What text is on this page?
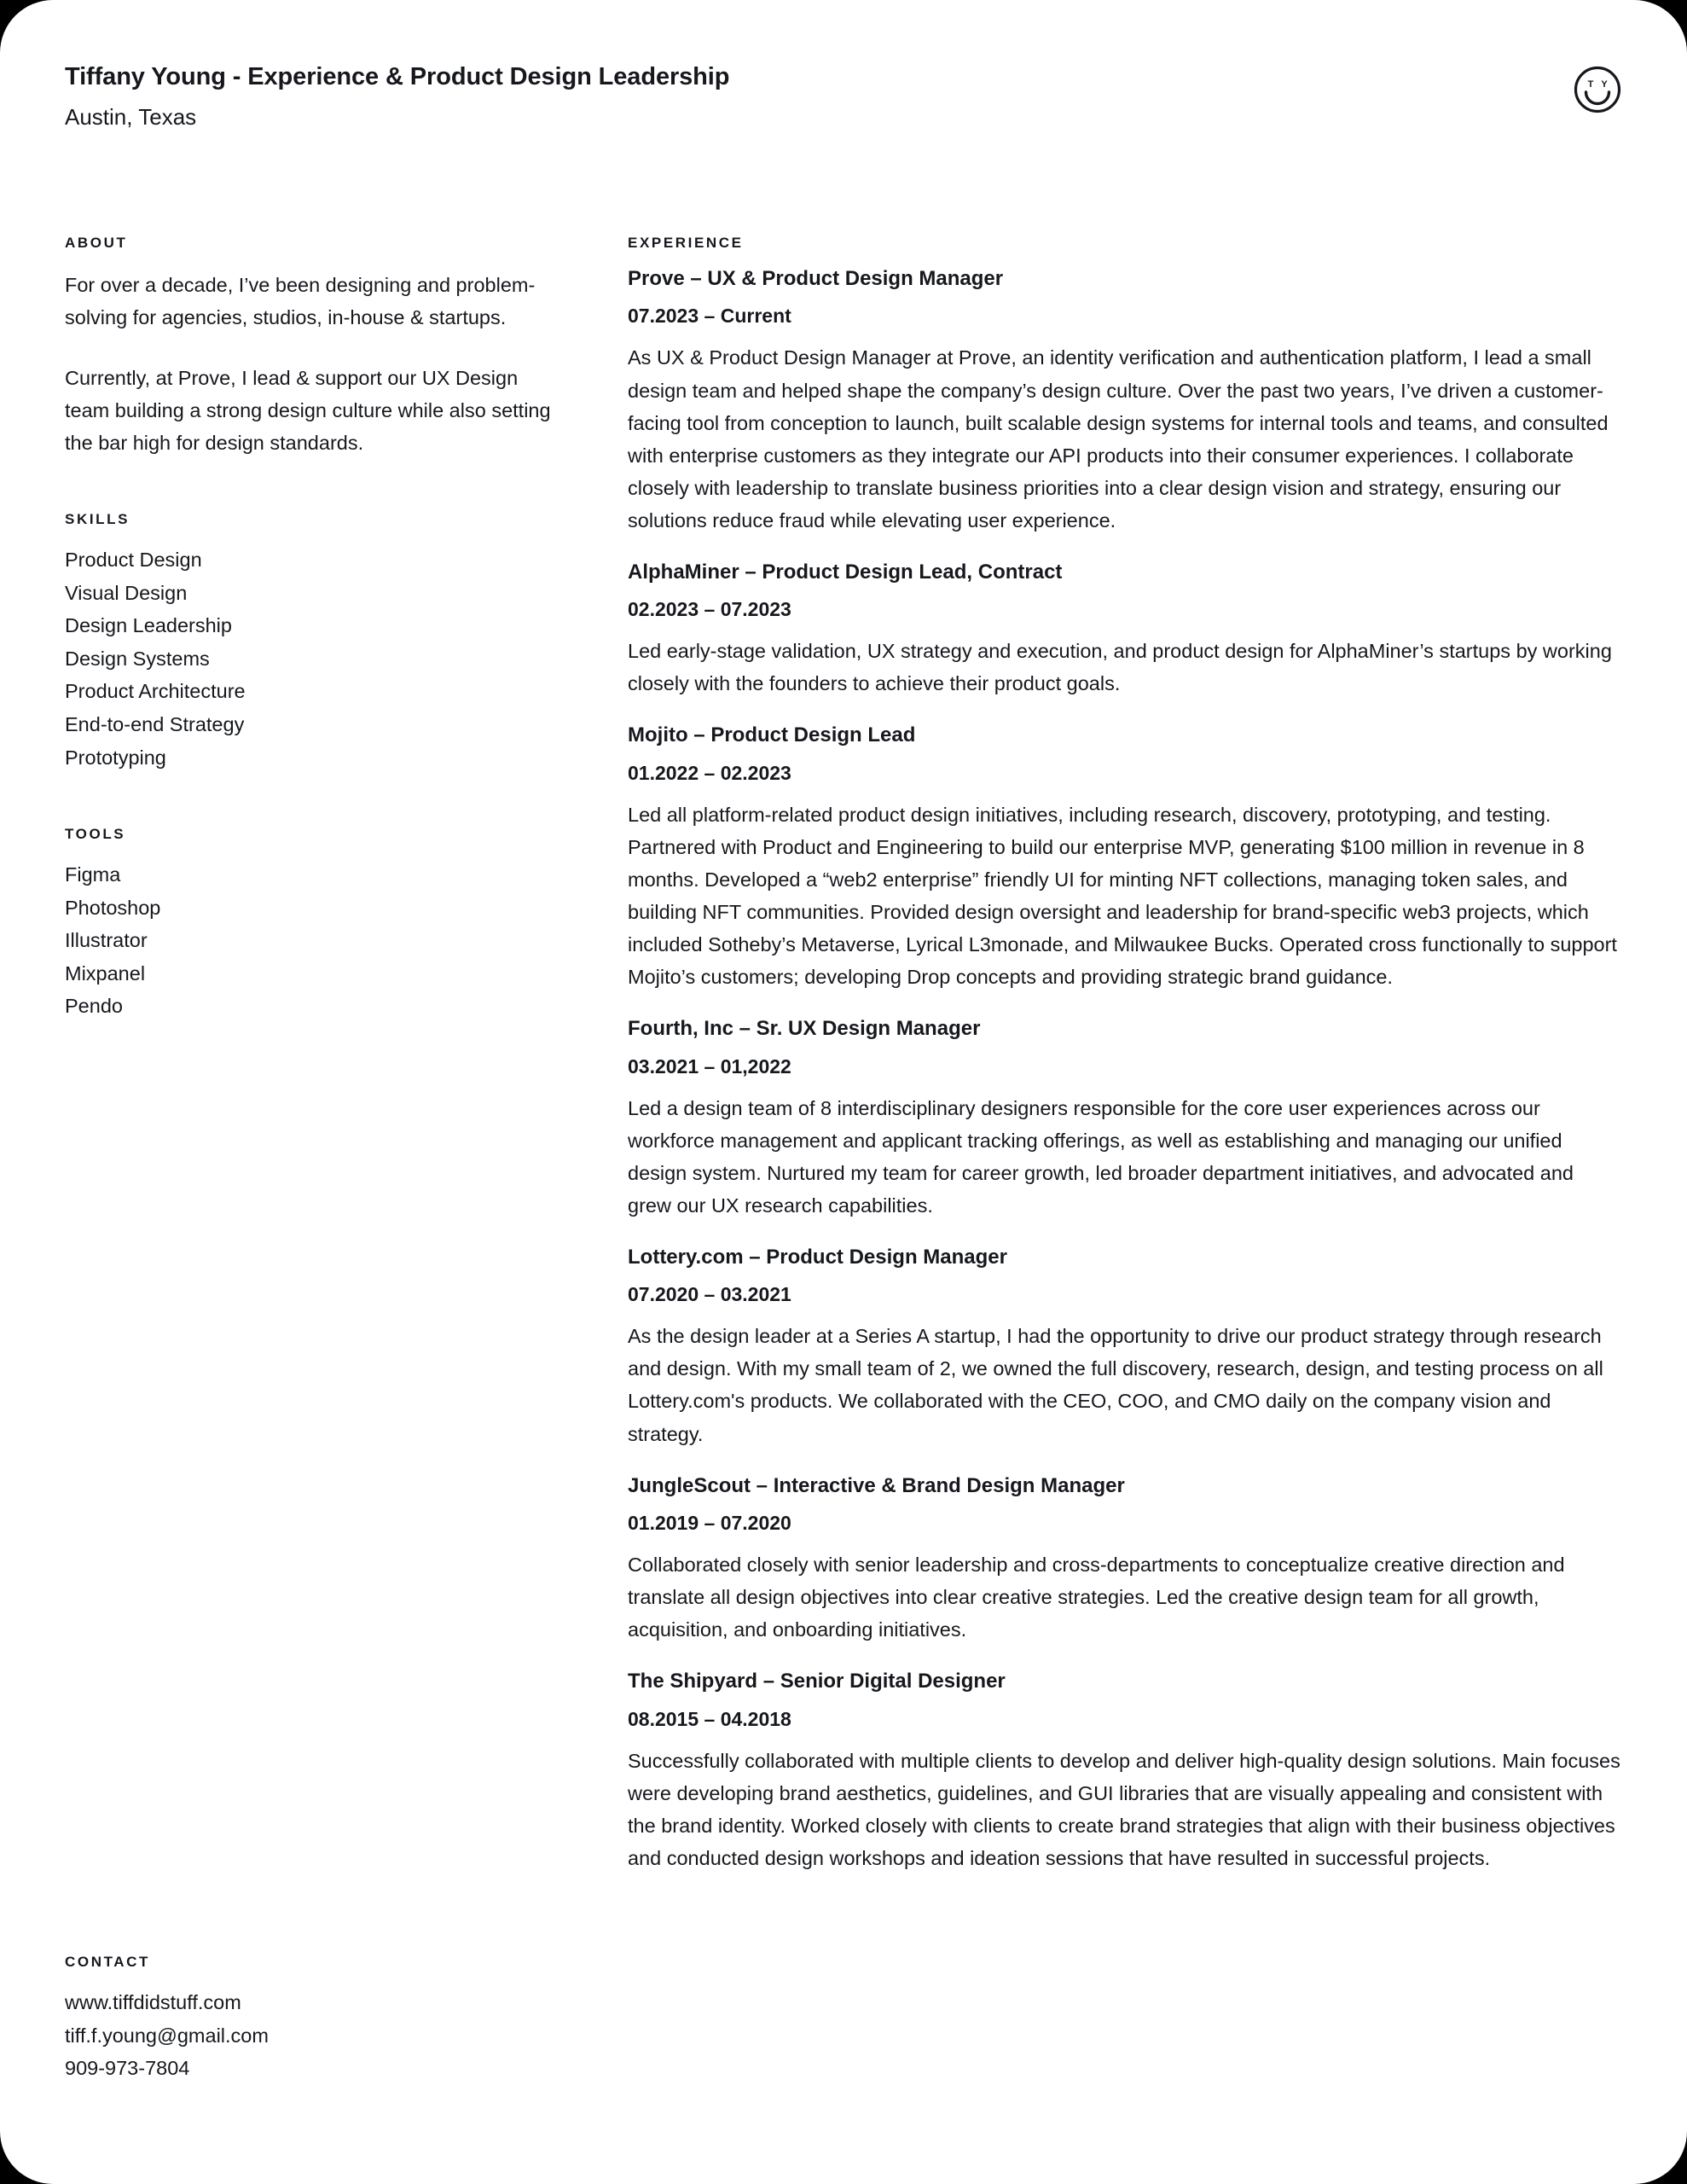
Tiffany Young - Experience & Product Design Leadership
Austin, Texas
T Y
ABOUT

For over a decade, I’ve been designing and problem-solving for agencies, studios, in-house & startups.

Currently, at Prove, I lead & support our UX Design team building a strong design culture while also setting the bar high for design standards.

SKILLS
Product Design
Visual Design
Design Leadership
Design Systems
Product Architecture
End-to-end Strategy
Prototyping
TOOLS
Figma
Photoshop
Illustrator
Mixpanel
Pendo
CONTACT
www.tiffdidstuff.com
tiff.f.young@gmail.com
909-973-7804
EXPERIENCE
Prove – UX & Product Design Manager
07.2023 – Current

As UX & Product Design Manager at Prove, an identity verification and authentication platform, I lead a small design team and helped shape the company’s design culture. Over the past two years, I’ve driven a customer-facing tool from conception to launch, built scalable design systems for internal tools and teams, and consulted with enterprise customers as they integrate our API products into their consumer experiences. I collaborate closely with leadership to translate business priorities into a clear design vision and strategy, ensuring our solutions reduce fraud while elevating user experience.

AlphaMiner – Product Design Lead, Contract
02.2023 – 07.2023

Led early-stage validation, UX strategy and execution, and product design for AlphaMiner’s startups by working closely with the founders to achieve their product goals.

Mojito – Product Design Lead
01.2022 – 02.2023

Led all platform-related product design initiatives, including research, discovery, prototyping, and testing. Partnered with Product and Engineering to build our enterprise MVP, generating $100 million in revenue in 8 months. Developed a “web2 enterprise” friendly UI for minting NFT collections, managing token sales, and building NFT communities. Provided design oversight and leadership for brand-specific web3 projects, which included Sotheby’s Metaverse, Lyrical L3monade, and Milwaukee Bucks. Operated cross functionally to support Mojito’s customers; developing Drop concepts and providing strategic brand guidance.

Fourth, Inc – Sr. UX Design Manager
03.2021 – 01,2022

Led a design team of 8 interdisciplinary designers responsible for the core user experiences across our workforce management and applicant tracking offerings, as well as establishing and managing our unified design system. Nurtured my team for career growth, led broader department initiatives, and advocated and grew our UX research capabilities.

Lottery.com – Product Design Manager
07.2020 – 03.2021

As the design leader at a Series A startup, I had the opportunity to drive our product strategy through research and design. With my small team of 2, we owned the full discovery, research, design, and testing process on all Lottery.com's products. We collaborated with the CEO, COO, and CMO daily on the company vision and strategy.

JungleScout – Interactive & Brand Design Manager
01.2019 – 07.2020

Collaborated closely with senior leadership and cross-departments to conceptualize creative direction and translate all design objectives into clear creative strategies. Led the creative design team for all growth, acquisition, and onboarding initiatives.

The Shipyard – Senior Digital Designer
08.2015 – 04.2018

Successfully collaborated with multiple clients to develop and deliver high-quality design solutions. Main focuses were developing brand aesthetics, guidelines, and GUI libraries that are visually appealing and consistent with the brand identity. Worked closely with clients to create brand strategies that align with their business objectives and conducted design workshops and ideation sessions that have resulted in successful projects.
